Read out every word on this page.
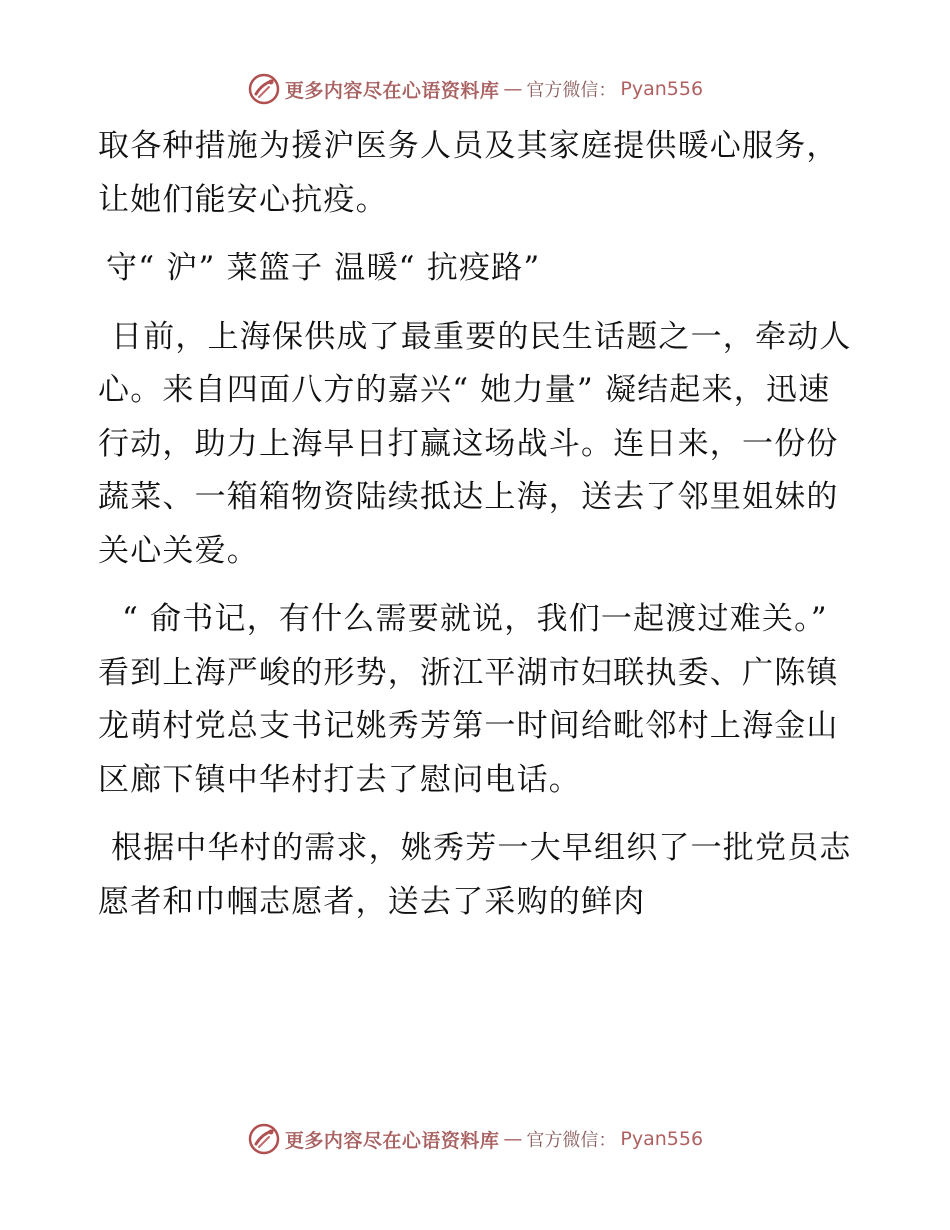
更多内容尽在心语资料库 — 官方微信： Pyan556

取各种措施为援沪医务人员及其家庭提供暖心服务，让她们能安心抗疫。

守“ 沪” 菜篮子 温暖“ 抗疫路”

日前，上海保供成了最重要的民生话题之一，牵动人心。来自四面八方的嘉兴“ 她力量” 凝结起来，迅速行动，助力上海早日打赢这场战斗。连日来，一份份蔬菜、一箱箱物资陆续抵达上海，送去了邻里姐妹的关心关爱。

“ 俞书记，有什么需要就说，我们一起渡过难关。” 看到上海严峻的形势，浙江平湖市妇联执委、广陈镇龙萌村党总支书记姚秀芳第一时间给毗邻村上海金山区廊下镇中华村打去了慰问电话。

根据中华村的需求，姚秀芳一大早组织了一批党员志愿者和巾帼志愿者，送去了采购的鲜肉

更多内容尽在心语资料库 — 官方微信： Pyan556
